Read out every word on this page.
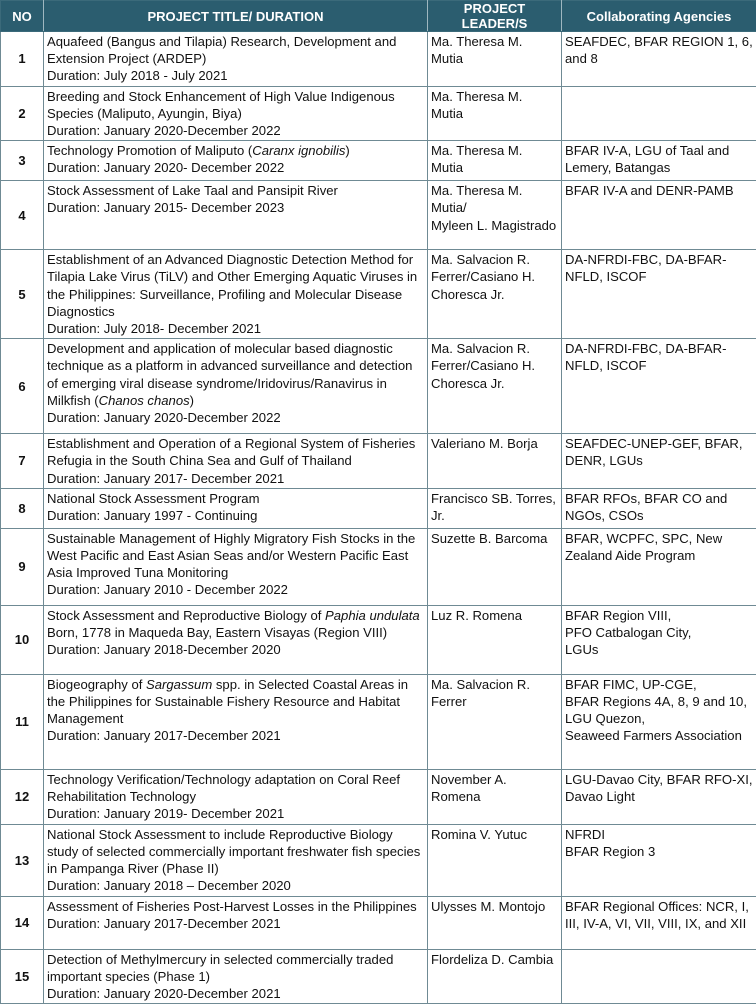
NO	PROJECT TITLE/ DURATION	PROJECT LEADER/S	Collaborating Agencies
1	Aquafeed (Bangus and Tilapia) Research, Development and Extension Project (ARDEP)
Duration: July 2018 - July 2021	Ma. Theresa M. Mutia	SEAFDEC, BFAR REGION 1, 6, and 8

2	Breeding and Stock Enhancement of High Value Indigenous Species (Maliputo, Ayungin, Biya)
Duration: January 2020-December 2022	Ma. Theresa M. Mutia	

3	Technology Promotion of Maliputo (Caranx ignobilis)
Duration: January 2020- December 2022	Ma. Theresa M. Mutia	BFAR IV-A, LGU of Taal and Lemery, Batangas

4	Stock Assessment of Lake Taal and Pansipit River
Duration: January 2015- December 2023	Ma. Theresa M. Mutia/
Myleen L. Magistrado	BFAR IV-A and DENR-PAMB

5	Establishment of an Advanced Diagnostic Detection Method for Tilapia Lake Virus (TiLV) and Other Emerging Aquatic Viruses in the Philippines: Surveillance, Profiling and Molecular Disease Diagnostics
Duration: July 2018- December 2021	Ma. Salvacion R. Ferrer/Casiano H. Choresca Jr.	DA-NFRDI-FBC, DA-BFAR-NFLD, ISCOF

6	Development and application of molecular based diagnostic technique as a platform in advanced surveillance and detection of emerging viral disease syndrome/Iridovirus/Ranavirus in Milkfish (Chanos chanos)
Duration: January 2020-December 2022	Ma. Salvacion R. Ferrer/Casiano H. Choresca Jr.	DA-NFRDI-FBC, DA-BFAR-NFLD, ISCOF

7	Establishment and Operation of a Regional System of Fisheries Refugia in the South China Sea and Gulf of Thailand
Duration: January 2017- December 2021	Valeriano M. Borja	SEAFDEC-UNEP-GEF, BFAR, DENR, LGUs

8	National Stock Assessment Program
Duration: January 1997 - Continuing	Francisco SB. Torres, Jr.	BFAR RFOs, BFAR CO and NGOs, CSOs

9	Sustainable Management of Highly Migratory Fish Stocks in the West Pacific and East Asian Seas and/or Western Pacific East Asia Improved Tuna Monitoring
Duration: January 2010 - December 2022	Suzette B. Barcoma	BFAR, WCPFC, SPC, New Zealand Aide Program

10	Stock Assessment and Reproductive Biology of Paphia undulata Born, 1778 in Maqueda Bay, Eastern Visayas (Region VIII)
Duration: January 2018-December 2020	Luz R. Romena	BFAR Region VIII,
PFO Catbalogan City,
LGUs

11	Biogeography of Sargassum spp. in Selected Coastal Areas in the Philippines for Sustainable Fishery Resource and Habitat Management
Duration: January 2017-December 2021	Ma. Salvacion R. Ferrer	BFAR FIMC, UP-CGE,
BFAR Regions 4A, 8, 9 and 10,
LGU Quezon,
Seaweed Farmers Association

12	Technology Verification/Technology adaptation on Coral Reef Rehabilitation Technology
Duration: January 2019- December 2021	November A. Romena	LGU-Davao City, BFAR RFO-XI, Davao Light

13	National Stock Assessment to include Reproductive Biology study of selected commercially important freshwater fish species in Pampanga River (Phase II)
Duration: January 2018 – December 2020	Romina V. Yutuc	NFRDI
BFAR Region 3

14	Assessment of Fisheries Post-Harvest Losses in the Philippines
Duration: January 2017-December 2021	Ulysses M. Montojo	BFAR Regional Offices: NCR, I, III, IV-A, VI, VII, VIII, IX, and XII

15	Detection of Methylmercury in selected commercially traded important species (Phase 1)
Duration: January 2020-December 2021	Flordeliza D. Cambia	
